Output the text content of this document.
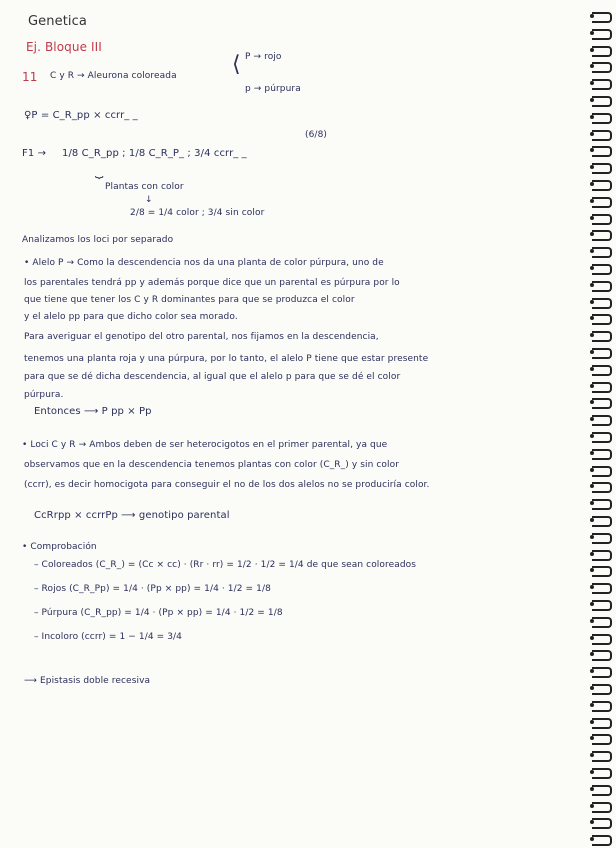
Genetica
Ej. Bloque III
11 C y R → Aleurona coloreada	⟨ P → rojo
p → púrpura
♀P = C_R_pp × ccrr_ _
F1 → 1/8 C_R_pp ; 1/8 C_R_P_ ; 3/4 ccrr_ _
(6/8)
⏟
Plantas con color
↓
2/8 = 1/4 color ; 3/4 sin color
Analizamos los loci por separado
• Alelo P → Como la descendencia nos da una planta de color púrpura, uno de
los parentales tendrá pp y además porque dice que un parental es púrpura por lo
que tiene que tener los C y R dominantes para que se produzca el color
y el alelo pp para que dicho color sea morado.
Para averiguar el genotipo del otro parental, nos fijamos en la descendencia,
tenemos una planta roja y una púrpura, por lo tanto, el alelo P tiene que estar presente
para que se dé dicha descendencia, al igual que el alelo p para que se dé el color
púrpura.
Entonces ⟶ P pp × Pp
• Loci C y R → Ambos deben de ser heterocigotos en el primer parental, ya que
observamos que en la descendencia tenemos plantas con color (C_R_) y sin color
(ccrr), es decir homocigota para conseguir el no de los dos alelos no se produciría color.
CcRrpp × ccrrPp ⟶ genotipo parental
• Comprobación
– Coloreados (C_R_) = (Cc × cc) · (Rr · rr) = 1/2 · 1/2 = 1/4 de que sean coloreados
– Rojos (C_R_Pp) = 1/4 · (Pp × pp) = 1/4 · 1/2 = 1/8
– Púrpura (C_R_pp) = 1/4 · (Pp × pp) = 1/4 · 1/2 = 1/8
– Incoloro (ccrr) = 1 − 1/4 = 3/4
⟶ Epistasis doble recesiva
